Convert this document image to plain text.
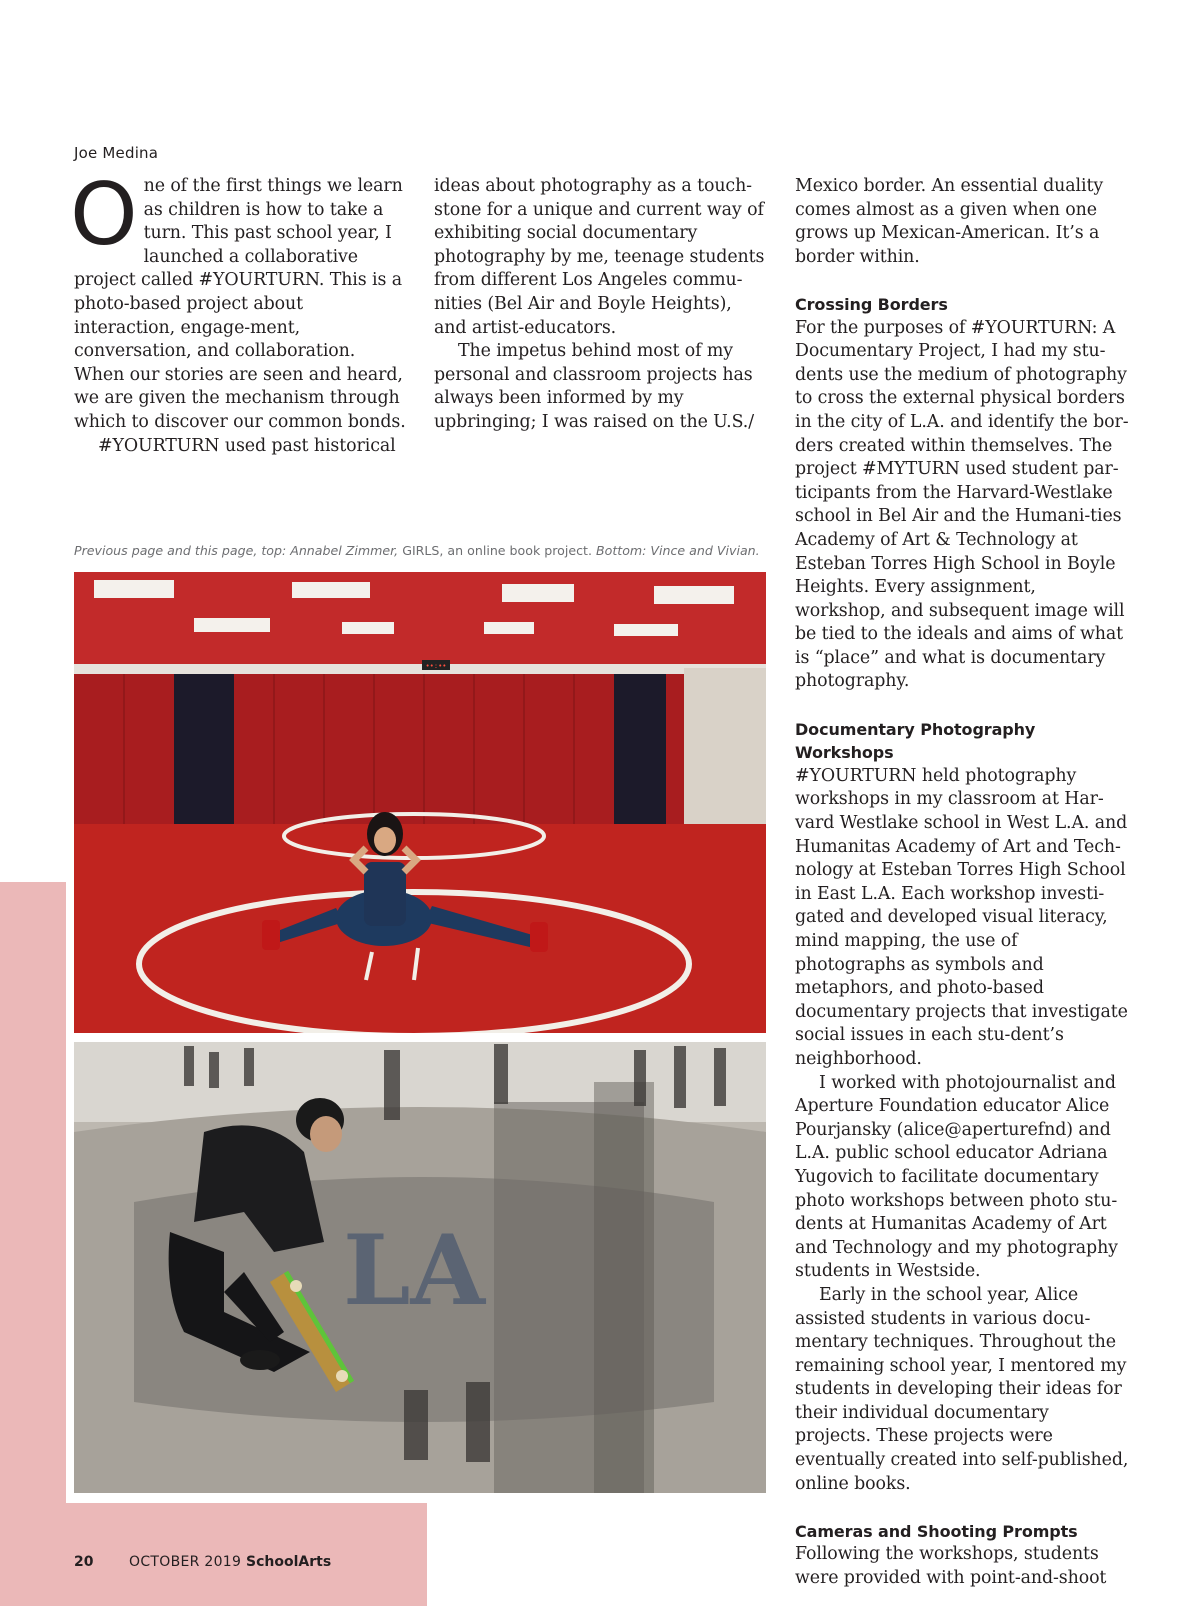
Joe Medina

One of the first things we learn as children is how to take a turn. This past school year, I launched a collaborative project called #YOURTURN. This is a photo-based project about interaction, engage-ment, conversation, and collaboration. When our stories are seen and heard, we are given the mechanism through which to discover our common bonds.

#YOURTURN used past historical

ideas about photography as a touch-stone for a unique and current way of exhibiting social documentary photography by me, teenage students from different Los Angeles commu-nities (Bel Air and Boyle Heights), and artist-educators.

The impetus behind most of my personal and classroom projects has always been informed by my upbringing; I was raised on the U.S./

Mexico border. An essential duality comes almost as a given when one grows up Mexican-American. It’s a border within.

Crossing Borders

For the purposes of #YOURTURN: A Documentary Project, I had my stu-dents use the medium of photography to cross the external physical borders in the city of L.A. and identify the bor-ders created within themselves. The project #MYTURN used student par-ticipants from the Harvard-Westlake school in Bel Air and the Humani-ties Academy of Art & Technology at Esteban Torres High School in Boyle Heights. Every assignment, workshop, and subsequent image will be tied to the ideals and aims of what is “place” and what is documentary photography.

Documentary Photography Workshops

#YOURTURN held photography workshops in my classroom at Har-vard Westlake school in West L.A. and Humanitas Academy of Art and Tech-nology at Esteban Torres High School in East L.A. Each workshop investi-gated and developed visual literacy, mind mapping, the use of photographs as symbols and metaphors, and photo-based documentary projects that investigate social issues in each stu-dent’s neighborhood.

I worked with photojournalist and Aperture Foundation educator Alice Pourjansky (alice@aperturefnd) and L.A. public school educator Adriana Yugovich to facilitate documentary photo workshops between photo stu-dents at Humanitas Academy of Art and Technology and my photography students in Westside.

Early in the school year, Alice assisted students in various docu-mentary techniques. Throughout the remaining school year, I mentored my students in developing their ideas for their individual documentary projects. These projects were eventually created into self-published, online books.

Cameras and Shooting Prompts

Following the workshops, students were provided with point-and-shoot

Previous page and this page, top: Annabel Zimmer, GIRLS, an online book project. Bottom: Vince and Vivian.
••:••
LA
20	OCTOBER 2019 SchoolArts
